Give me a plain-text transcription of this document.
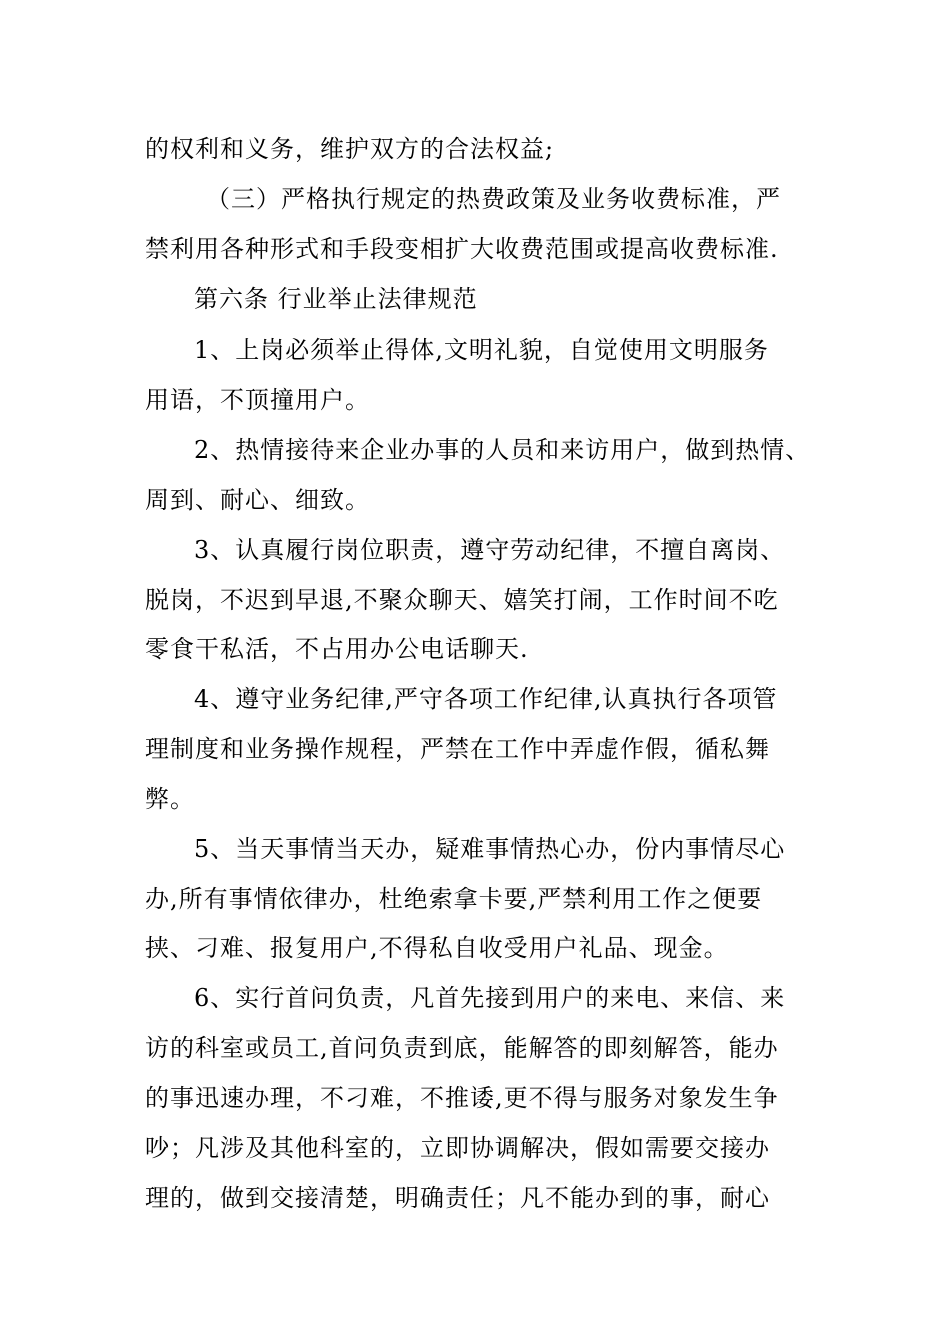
的权利和义务，维护双方的合法权益;
（三）严格执行规定的热费政策及业务收费标准，严
禁利用各种形式和手段变相扩大收费范围或提高收费标准.
第六条 行业举止法律规范
1、上岗必须举止得体,文明礼貌，自觉使用文明服务
用语，不顶撞用户。
2、热情接待来企业办事的人员和来访用户，做到热情、
周到、耐心、细致。
3、认真履行岗位职责，遵守劳动纪律，不擅自离岗、
脱岗，不迟到早退,不聚众聊天、嬉笑打闹，工作时间不吃
零食干私活，不占用办公电话聊天.
4、遵守业务纪律,严守各项工作纪律,认真执行各项管
理制度和业务操作规程，严禁在工作中弄虚作假，循私舞
弊。
5、当天事情当天办，疑难事情热心办，份内事情尽心
办,所有事情依律办，杜绝索拿卡要,严禁利用工作之便要
挟、刁难、报复用户,不得私自收受用户礼品、现金。
6、实行首问负责，凡首先接到用户的来电、来信、来
访的科室或员工,首问负责到底，能解答的即刻解答，能办
的事迅速办理，不刁难，不推诿,更不得与服务对象发生争
吵；凡涉及其他科室的，立即协调解决，假如需要交接办
理的，做到交接清楚，明确责任；凡不能办到的事，耐心
